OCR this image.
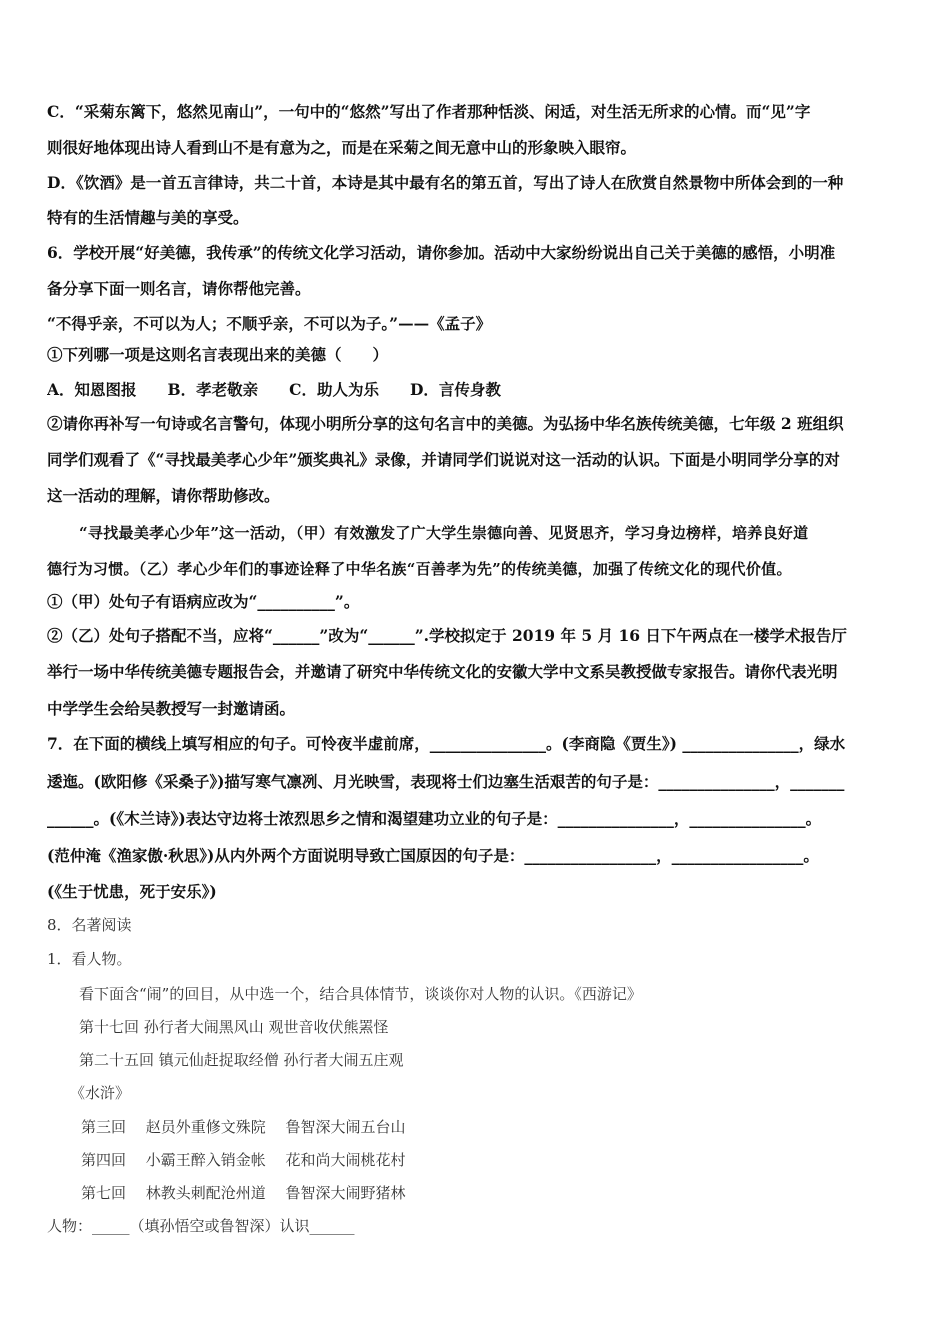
C．“采菊东篱下，悠然见南山”，一句中的“悠然”写出了作者那种恬淡、闲适，对生活无所求的心情。而“见”字
则很好地体现出诗人看到山不是有意为之，而是在采菊之间无意中山的形象映入眼帘。
D．《饮酒》是一首五言律诗，共二十首，本诗是其中最有名的第五首，写出了诗人在欣赏自然景物中所体会到的一种
特有的生活情趣与美的享受。
6．学校开展“好美德，我传承”的传统文化学习活动，请你参加。活动中大家纷纷说出自己关于美德的感悟，小明准
备分享下面一则名言，请你帮他完善。
“不得乎亲，不可以为人；不顺乎亲，不可以为子。”——《孟子》
①下列哪一项是这则名言表现出来的美德（　　）
A．知恩图报　　B．孝老敬亲　　C．助人为乐　　D．言传身教
②请你再补写一句诗或名言警句，体现小明所分享的这句名言中的美德。为弘扬中华名族传统美德，七年级 2 班组织
同学们观看了《“寻找最美孝心少年”颁奖典礼》录像，并请同学们说说对这一活动的认识。下面是小明同学分享的对
这一活动的理解，请你帮助修改。
“寻找最美孝心少年”这一活动，（甲）有效激发了广大学生崇德向善、见贤思齐，学习身边榜样，培养良好道
德行为习惯。（乙）孝心少年们的事迹诠释了中华名族“百善孝为先”的传统美德，加强了传统文化的现代价值。
①（甲）处句子有语病应改为“__________”。
②（乙）处句子搭配不当，应将“______”改为“______”.学校拟定于 2019 年 5 月 16 日下午两点在一楼学术报告厅
举行一场中华传统美德专题报告会，并邀请了研究中华传统文化的安徽大学中文系吴教授做专家报告。请你代表光明
中学学生会给吴教授写一封邀请函。
7．在下面的横线上填写相应的句子。可怜夜半虚前席，_______________。(李商隐《贾生》) _______________，绿水
逶迤。(欧阳修《采桑子》)描写寒气凛冽、月光映雪，表现将士们边塞生活艰苦的句子是：_______________，_______
______。(《木兰诗》)表达守边将士浓烈思乡之情和渴望建功立业的句子是：_______________，_______________。
(范仲淹《渔家傲·秋思》)从内外两个方面说明导致亡国原因的句子是：_________________，_________________。
(《生于忧患，死于安乐》)
8．名著阅读
1．看人物。
看下面含“闹”的回目，从中选一个，结合具体情节，谈谈你对人物的认识。《西游记》
第十七回 孙行者大闹黑风山 观世音收伏熊罴怪
第二十五回 镇元仙赶捉取经僧 孙行者大闹五庄观
《水浒》
第三回　 赵员外重修文殊院　 鲁智深大闹五台山
第四回　 小霸王醉入销金帐　 花和尚大闹桃花村
第七回　 林教头刺配沧州道　 鲁智深大闹野猪林
人物：_____（填孙悟空或鲁智深）认识______
